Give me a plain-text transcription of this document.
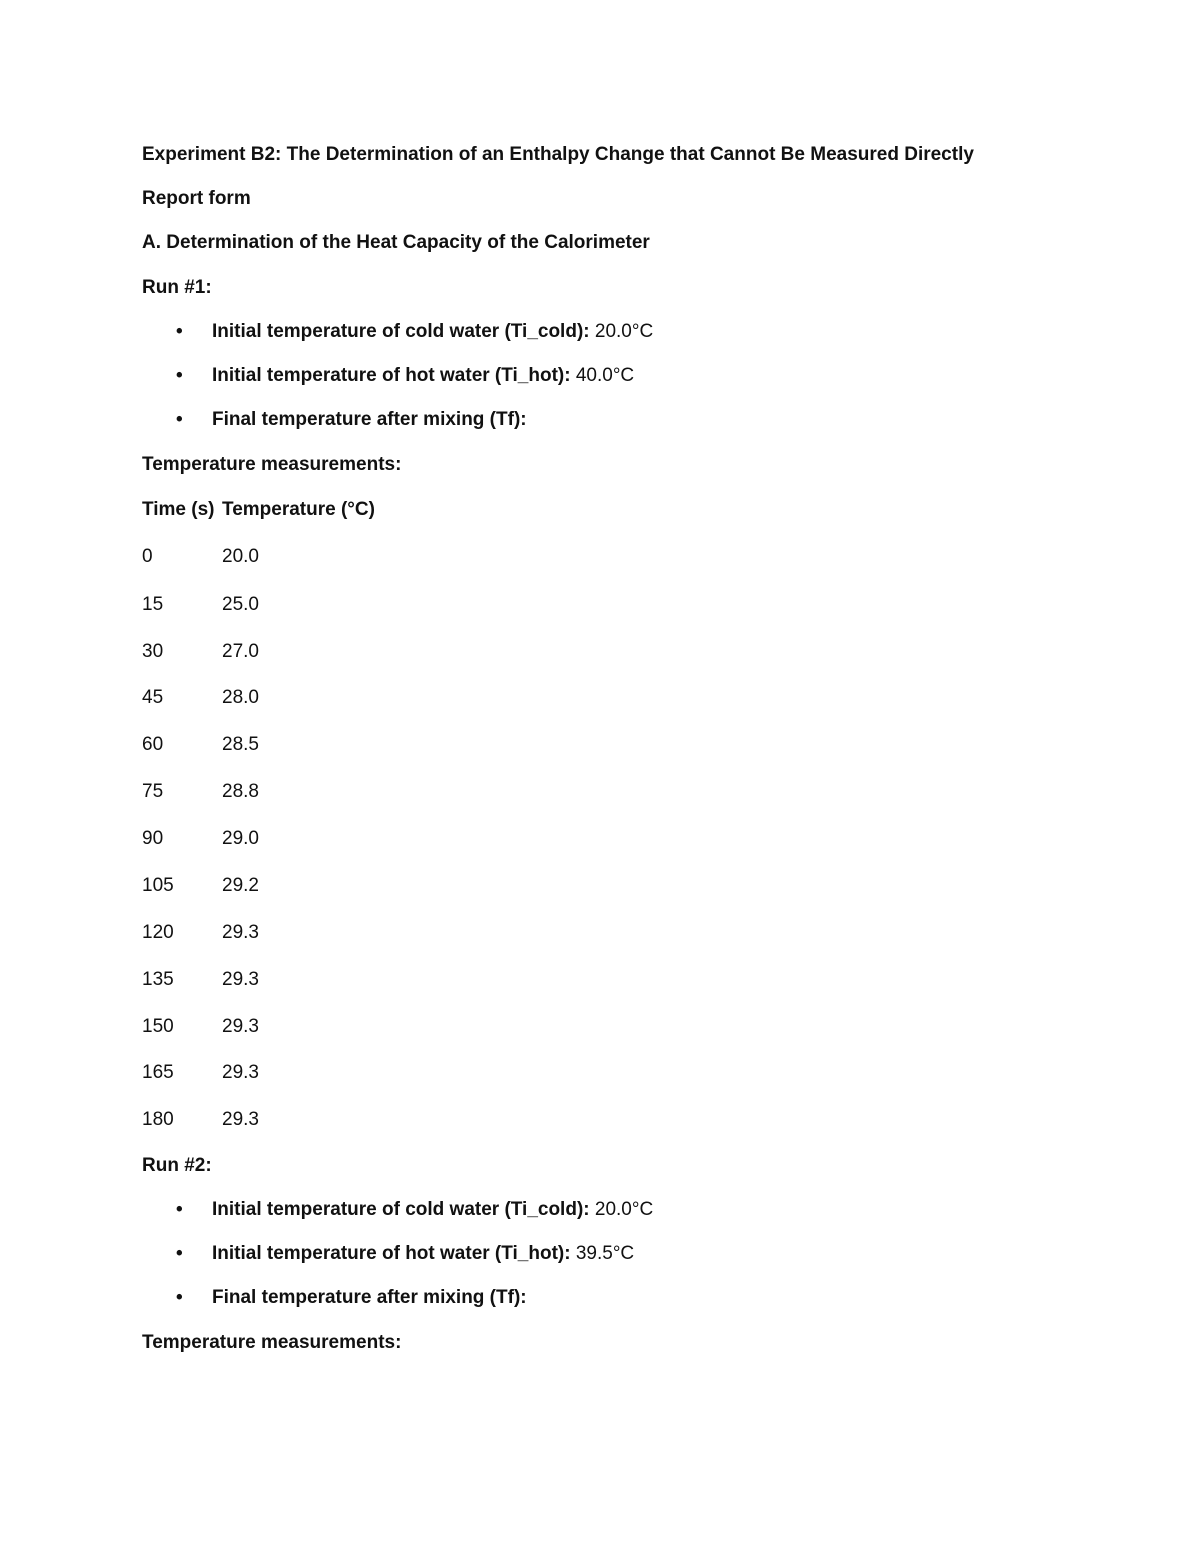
Experiment B2: The Determination of an Enthalpy Change that Cannot Be Measured Directly
Report form
A. Determination of the Heat Capacity of the Calorimeter
Run #1:
• Initial temperature of cold water (Ti_cold): 20.0°C
• Initial temperature of hot water (Ti_hot): 40.0°C
• Final temperature after mixing (Tf):
Temperature measurements:
Time (s) Temperature (°C)
0	20.0
15	25.0
30	27.0
45	28.0
60	28.5
75	28.8
90	29.0
105	29.2
120	29.3
135	29.3
150	29.3
165	29.3
180	29.3
Run #2:
• Initial temperature of cold water (Ti_cold): 20.0°C
• Initial temperature of hot water (Ti_hot): 39.5°C
• Final temperature after mixing (Tf):
Temperature measurements:
